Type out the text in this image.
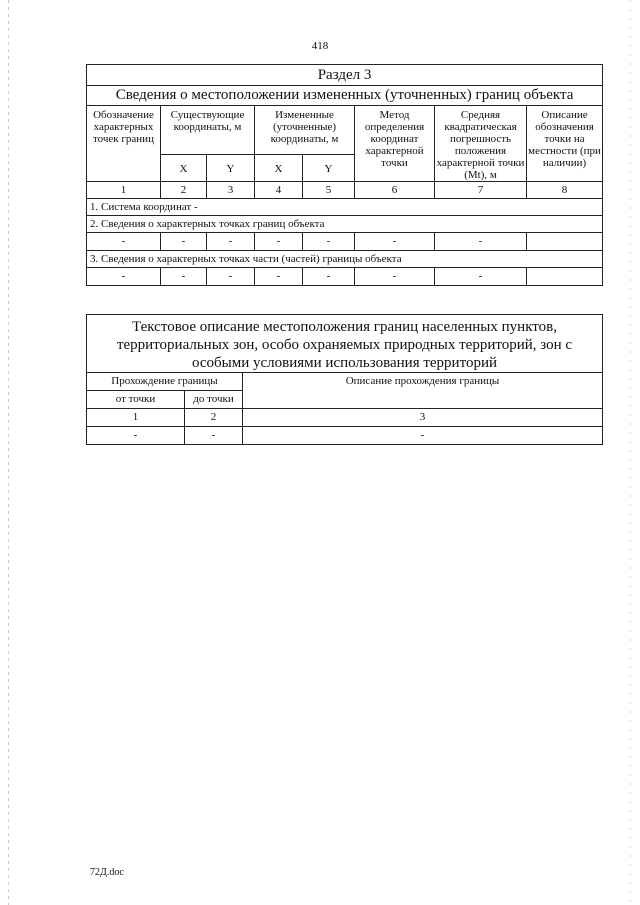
418
Раздел 3							
Сведения о местоположении измененных (уточненных) границ объекта							
Обозначение характерных точек границ	Существующие координаты, м		Измененные (уточненные) координаты, м		Метод определения координат характерной точки	Средняя квадратическая погрешность положения характерной точки (Mt), м	Описание обозначения точки на местности (при наличии)
	X	Y	X	Y			
1	2	3	4	5	6	7	8
1. Система координат -							
2. Сведения о характерных точках границ объекта							
-	-	-	-	-	-	-	
3. Сведения о характерных точках части (частей) границы объекта							
-	-	-	-	-	-	-	
Текстовое описание местоположения границ населенных пунктов, территориальных зон, особо охраняемых природных территорий, зон с особыми условиями использования территорий		
Прохождение границы		Описание прохождения границы
от точки	до точки	
1	2	3
-	-	-
72Д.doc
